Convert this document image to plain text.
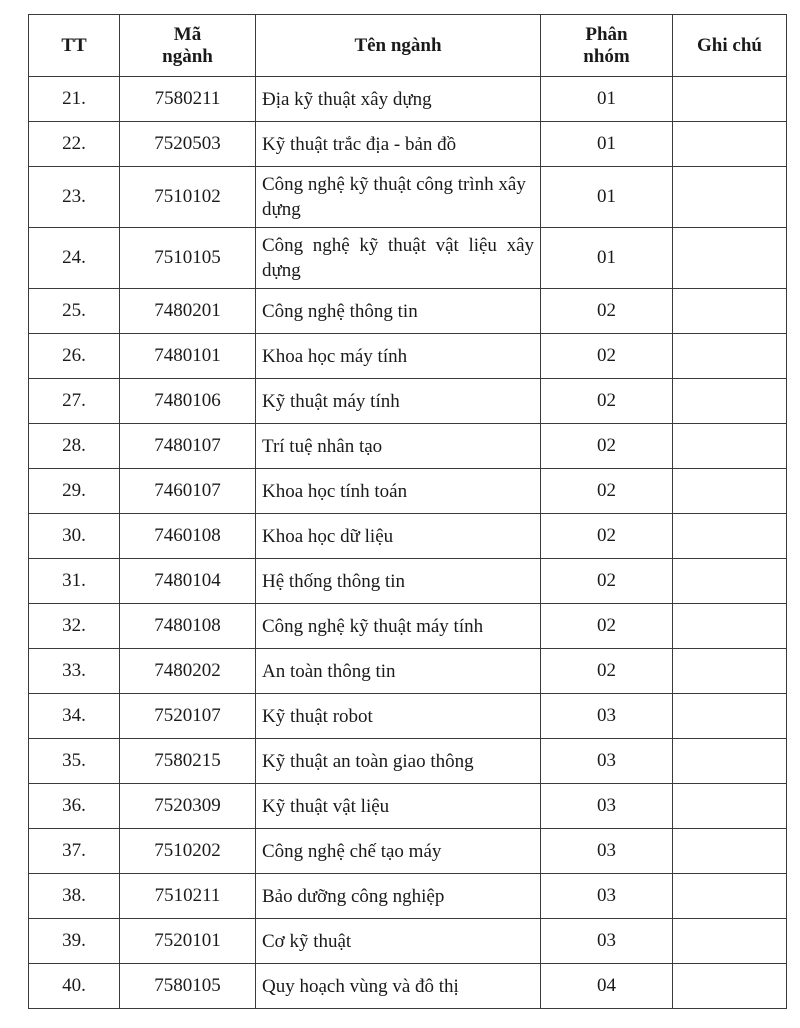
TT	Mã ngành	Tên ngành	Phân nhóm	Ghi chú
21.	7580211	Địa kỹ thuật xây dựng	01	
22.	7520503	Kỹ thuật trắc địa - bản đồ	01	
23.	7510102	Công nghệ kỹ thuật công trình xây dựng	01	
24.	7510105	Công nghệ kỹ thuật vật liệu xây dựng	01	
25.	7480201	Công nghệ thông tin	02	
26.	7480101	Khoa học máy tính	02	
27.	7480106	Kỹ thuật máy tính	02	
28.	7480107	Trí tuệ nhân tạo	02	
29.	7460107	Khoa học tính toán	02	
30.	7460108	Khoa học dữ liệu	02	
31.	7480104	Hệ thống thông tin	02	
32.	7480108	Công nghệ kỹ thuật máy tính	02	
33.	7480202	An toàn thông tin	02	
34.	7520107	Kỹ thuật robot	03	
35.	7580215	Kỹ thuật an toàn giao thông	03	
36.	7520309	Kỹ thuật vật liệu	03	
37.	7510202	Công nghệ chế tạo máy	03	
38.	7510211	Bảo dưỡng công nghiệp	03	
39.	7520101	Cơ kỹ thuật	03	
40.	7580105	Quy hoạch vùng và đô thị	04	
